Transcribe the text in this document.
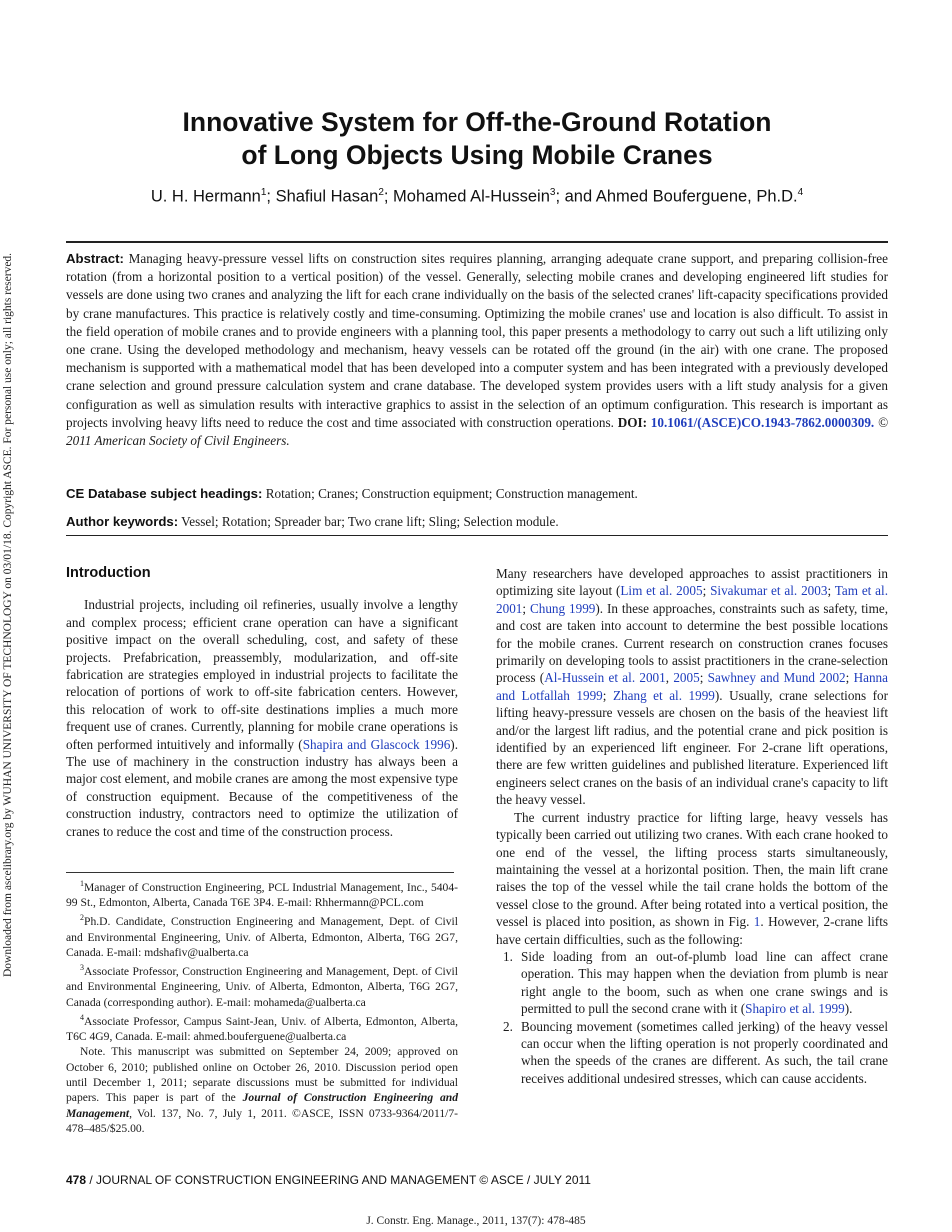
Downloaded from ascelibrary.org by WUHAN UNIVERSITY OF TECHNOLOGY on 03/01/18. Copyright ASCE. For personal use only; all rights reserved.
Innovative System for Off-the-Ground Rotation
of Long Objects Using Mobile Cranes
U. H. Hermann$^1$; Shafiul Hasan$^2$; Mohamed Al-Hussein$^3$; and Ahmed Bouferguene, Ph.D.$^4$
Abstract: Managing heavy-pressure vessel lifts on construction sites requires planning, arranging adequate crane support, and preparing collision-free rotation (from a horizontal position to a vertical position) of the vessel. Generally, selecting mobile cranes and developing engineered lift studies for vessels are done using two cranes and analyzing the lift for each crane individually on the basis of the selected cranes' lift-capacity specifications provided by crane manufactures. This practice is relatively costly and time-consuming. Optimizing the mobile cranes' use and location is also difficult. To assist in the field operation of mobile cranes and to provide engineers with a planning tool, this paper presents a methodology to carry out such a lift utilizing only one crane. Using the developed methodology and mechanism, heavy vessels can be rotated off the ground (in the air) with one crane. The proposed mechanism is supported with a mathematical model that has been developed into a computer system and has been integrated with a previously developed crane selection and ground pressure calculation system and crane database. The developed system provides users with a lift study analysis for a given configuration as well as simulation results with interactive graphics to assist in the selection of an optimum configuration. This research is important as projects involving heavy lifts need to reduce the cost and time associated with construction operations. DOI: 10.1061/(ASCE)CO.1943-7862.0000309. © 2011 American Society of Civil Engineers.
CE Database subject headings: Rotation; Cranes; Construction equipment; Construction management.
Author keywords: Vessel; Rotation; Spreader bar; Two crane lift; Sling; Selection module.
Introduction

Industrial projects, including oil refineries, usually involve a lengthy and complex process; efficient crane operation can have a significant positive impact on the overall scheduling, cost, and safety of these projects. Prefabrication, preassembly, modularization, and off-site fabrication are strategies employed in industrial projects to facilitate the relocation of portions of work to off-site fabrication centers. However, this relocation of work to off-site destinations implies a much more frequent use of cranes. Currently, planning for mobile crane operations is often performed intuitively and informally (Shapira and Glascock 1996). The use of machinery in the construction industry has always been a major cost element, and mobile cranes are among the most expensive type of construction equipment. Because of the competitiveness of the construction industry, contractors need to optimize the utilization of cranes to reduce the cost and time of the construction process.

$^1$Manager of Construction Engineering, PCL Industrial Management, Inc., 5404-99 St., Edmonton, Alberta, Canada T6E 3P4. E-mail: Rhhermann@PCL.com

$^2$Ph.D. Candidate, Construction Engineering and Management, Dept. of Civil and Environmental Engineering, Univ. of Alberta, Edmonton, Alberta, T6G 2G7, Canada. E-mail: mdshafiv@ualberta.ca

$^3$Associate Professor, Construction Engineering and Management, Dept. of Civil and Environmental Engineering, Univ. of Alberta, Edmonton, Alberta, T6G 2G7, Canada (corresponding author). E-mail: mohameda@ualberta.ca

$^4$Associate Professor, Campus Saint-Jean, Univ. of Alberta, Edmonton, Alberta, T6C 4G9, Canada. E-mail: ahmed.bouferguene@ualberta.ca

Note. This manuscript was submitted on September 24, 2009; approved on October 6, 2010; published online on October 26, 2010. Discussion period open until December 1, 2011; separate discussions must be submitted for individual papers. This paper is part of the Journal of Construction Engineering and Management, Vol. 137, No. 7, July 1, 2011. ©ASCE, ISSN 0733-9364/2011/7-478–485/$25.00.

Many researchers have developed approaches to assist practitioners in optimizing site layout (Lim et al. 2005; Sivakumar et al. 2003; Tam et al. 2001; Chung 1999). In these approaches, constraints such as safety, time, and cost are taken into account to determine the best possible locations for the mobile cranes. Current research on construction cranes focuses primarily on developing tools to assist practitioners in the crane-selection process (Al-Hussein et al. 2001, 2005; Sawhney and Mund 2002; Hanna and Lotfallah 1999; Zhang et al. 1999). Usually, crane selections for lifting heavy-pressure vessels are chosen on the basis of the heaviest lift and/or the largest lift radius, and the potential crane and pick position is identified by an experienced lift engineer. For 2-crane lift operations, there are few written guidelines and published literature. Experienced lift engineers select cranes on the basis of an individual crane's capacity to lift the heavy vessel.

The current industry practice for lifting large, heavy vessels has typically been carried out utilizing two cranes. With each crane hooked to one end of the vessel, the lifting process starts simultaneously, maintaining the vessel at a horizontal position. Then, the main lift crane raises the top of the vessel while the tail crane holds the bottom of the vessel close to the ground. After being rotated into a vertical position, the vessel is placed into position, as shown in Fig. 1. However, 2-crane lifts have certain difficulties, such as the following:

1. Side loading from an out-of-plumb load line can affect crane operation. This may happen when the deviation from plumb is near right angle to the boom, such as when one crane swings and is permitted to pull the second crane with it (Shapiro et al. 1999).
2. Bouncing movement (sometimes called jerking) of the heavy vessel can occur when the lifting operation is not properly coordinated and when the speeds of the cranes are different. As such, the tail crane receives additional undesired stresses, which can cause accidents.
478 / JOURNAL OF CONSTRUCTION ENGINEERING AND MANAGEMENT © ASCE / JULY 2011
J. Constr. Eng. Manage., 2011, 137(7): 478-485
